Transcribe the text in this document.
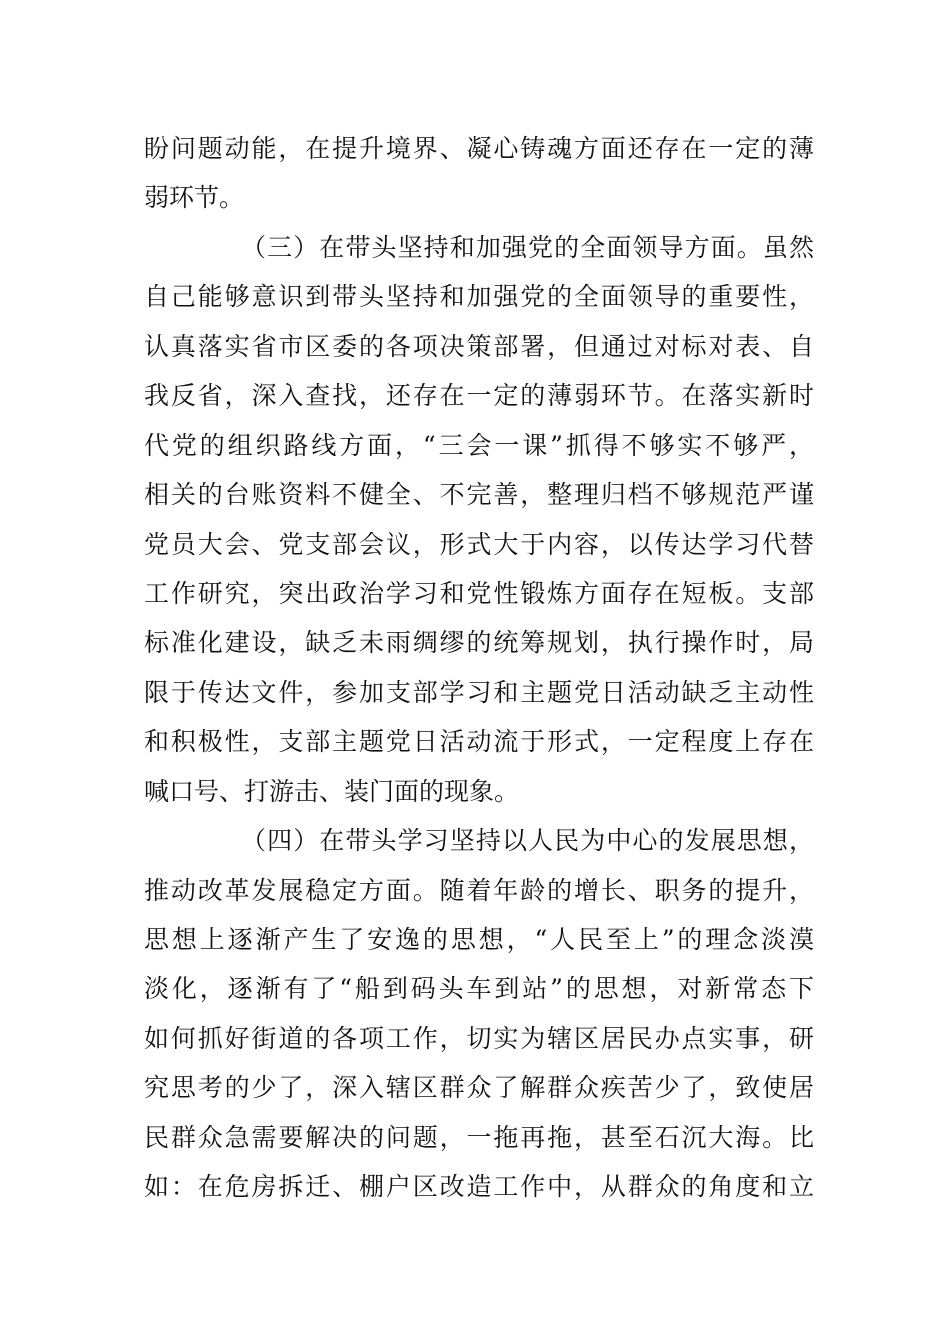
盼问题动能，在提升境界、凝心铸魂方面还存在一定的薄
弱环节。
（三）在带头坚持和加强党的全面领导方面。虽然
自己能够意识到带头坚持和加强党的全面领导的重要性，
认真落实省市区委的各项决策部署，但通过对标对表、自
我反省，深入查找，还存在一定的薄弱环节。在落实新时
代党的组织路线方面，“三会一课”抓得不够实不够严，
相关的台账资料不健全、不完善，整理归档不够规范严谨
党员大会、党支部会议，形式大于内容，以传达学习代替
工作研究，突出政治学习和党性锻炼方面存在短板。支部
标准化建设，缺乏未雨绸缪的统筹规划，执行操作时，局
限于传达文件，参加支部学习和主题党日活动缺乏主动性
和积极性，支部主题党日活动流于形式，一定程度上存在
喊口号、打游击、装门面的现象。
（四）在带头学习坚持以人民为中心的发展思想，
推动改革发展稳定方面。随着年龄的增长、职务的提升，
思想上逐渐产生了安逸的思想，“人民至上”的理念淡漠
淡化，逐渐有了“船到码头车到站”的思想，对新常态下
如何抓好街道的各项工作，切实为辖区居民办点实事，研
究思考的少了，深入辖区群众了解群众疾苦少了，致使居
民群众急需要解决的问题，一拖再拖，甚至石沉大海。比
如：在危房拆迁、棚户区改造工作中，从群众的角度和立
